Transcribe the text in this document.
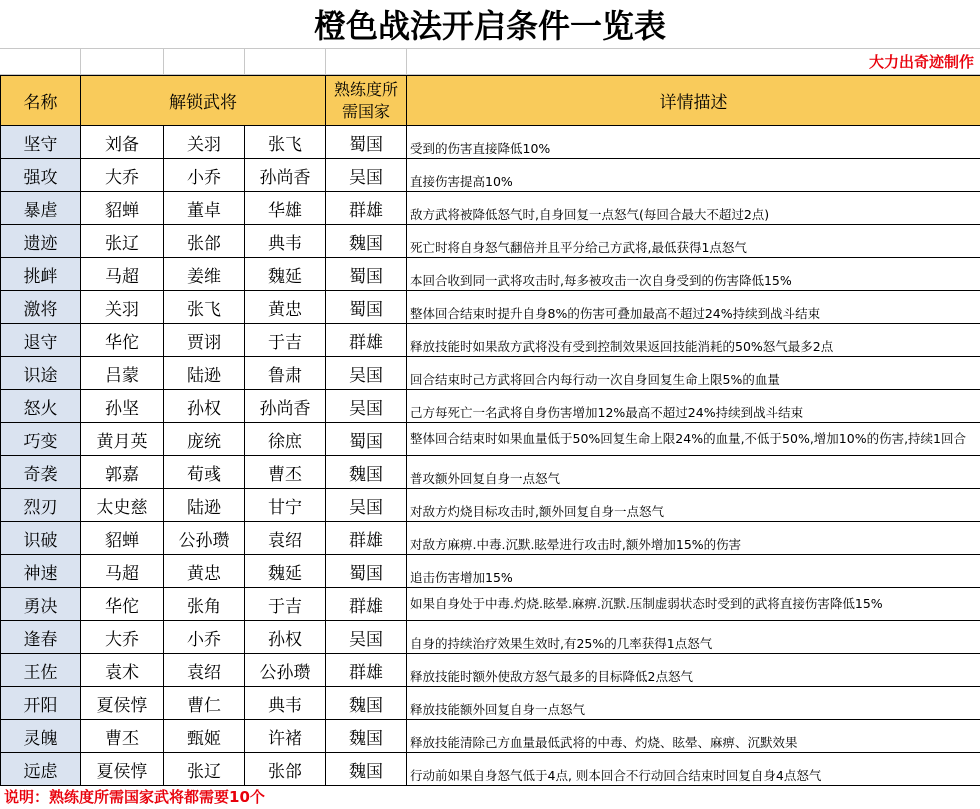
橙色战法开启条件一览表
大力出奇迹制作
名称	解锁武将			熟练度所
需国家	详情描述
坚守	刘备	关羽	张飞	蜀国	受到的伤害直接降低10%
强攻	大乔	小乔	孙尚香	吴国	直接伤害提高10%
暴虐	貂蝉	董卓	华雄	群雄	敌方武将被降低怒气时,自身回复一点怒气(每回合最大不超过2点)
遗迹	张辽	张郃	典韦	魏国	死亡时将自身怒气翻倍并且平分给己方武将,最低获得1点怒气
挑衅	马超	姜维	魏延	蜀国	本回合收到同一武将攻击时,每多被攻击一次自身受到的伤害降低15%
激将	关羽	张飞	黄忠	蜀国	整体回合结束时提升自身8%的伤害可叠加最高不超过24%持续到战斗结束
退守	华佗	贾诩	于吉	群雄	释放技能时如果敌方武将没有受到控制效果返回技能消耗的50%怒气最多2点
识途	吕蒙	陆逊	鲁肃	吴国	回合结束时己方武将回合内每行动一次自身回复生命上限5%的血量
怒火	孙坚	孙权	孙尚香	吴国	己方每死亡一名武将自身伤害增加12%最高不超过24%持续到战斗结束
巧变	黄月英	庞统	徐庶	蜀国	整体回合结束时如果血量低于50%回复生命上限24%的血量,不低于50%,增加10%的伤害,持续1回合
奇袭	郭嘉	荀彧	曹丕	魏国	普攻额外回复自身一点怒气
烈刃	太史慈	陆逊	甘宁	吴国	对敌方灼烧目标攻击时,额外回复自身一点怒气
识破	貂蝉	公孙瓒	袁绍	群雄	对敌方麻痹.中毒.沉默.眩晕进行攻击时,额外增加15%的伤害
神速	马超	黄忠	魏延	蜀国	追击伤害增加15%
勇决	华佗	张角	于吉	群雄	如果自身处于中毒.灼烧.眩晕.麻痹.沉默.压制虚弱状态时受到的武将直接伤害降低15%
逢春	大乔	小乔	孙权	吴国	自身的持续治疗效果生效时,有25%的几率获得1点怒气
王佐	袁术	袁绍	公孙瓒	群雄	释放技能时额外使敌方怒气最多的目标降低2点怒气
开阳	夏侯惇	曹仁	典韦	魏国	释放技能额外回复自身一点怒气
灵魄	曹丕	甄姬	许褚	魏国	释放技能清除己方血量最低武将的中毒、灼烧、眩晕、麻痹、沉默效果
远虑	夏侯惇	张辽	张郃	魏国	行动前如果自身怒气低于4点, 则本回合不行动回合结束时回复自身4点怒气
说明：熟练度所需国家武将都需要10个
